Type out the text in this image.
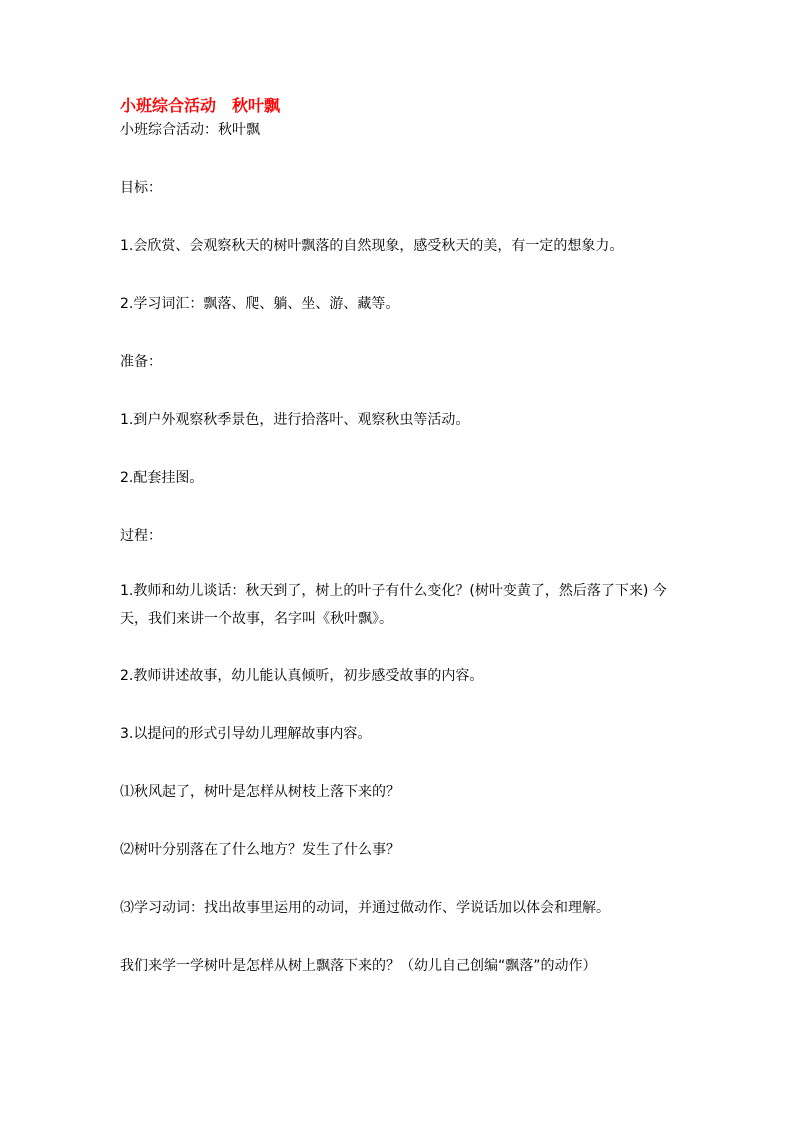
小班综合活动　秋叶飘

小班综合活动：秋叶飘

目标：

1.会欣赏、会观察秋天的树叶飘落的自然现象，感受秋天的美，有一定的想象力。

2.学习词汇：飘落、爬、躺、坐、游、藏等。

准备：

1.到户外观察秋季景色，进行拾落叶、观察秋虫等活动。

2.配套挂图。

过程：

1.教师和幼儿谈话：秋天到了，树上的叶子有什么变化？(树叶变黄了，然后落了下来) 今天，我们来讲一个故事，名字叫《秋叶飘》。

2.教师讲述故事，幼儿能认真倾听，初步感受故事的内容。

3.以提问的形式引导幼儿理解故事内容。

⑴秋风起了，树叶是怎样从树枝上落下来的？

⑵树叶分别落在了什么地方？发生了什么事？

⑶学习动词：找出故事里运用的动词，并通过做动作、学说话加以体会和理解。

我们来学一学树叶是怎样从树上飘落下来的？（幼儿自己创编“飘落”的动作）
